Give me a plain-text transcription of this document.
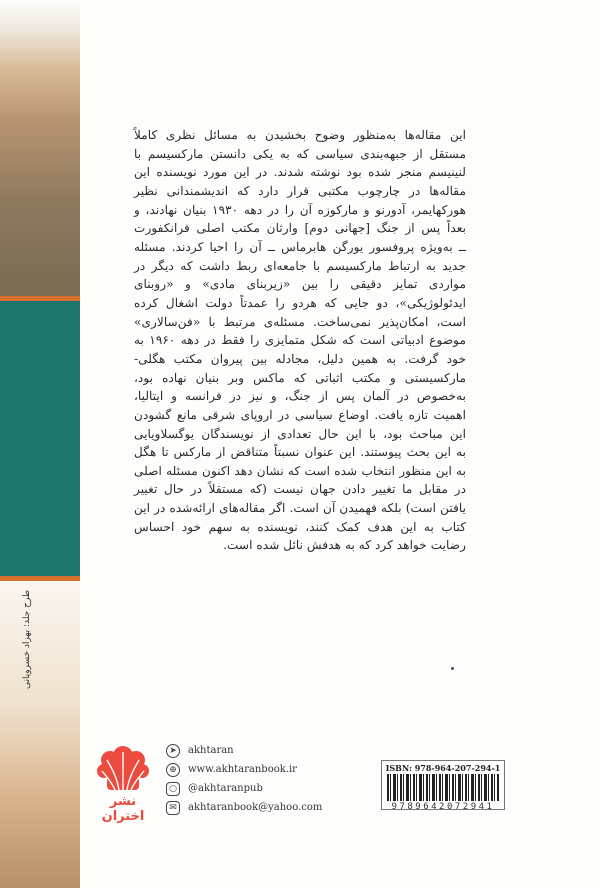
طرح جلد: بهزاد خسرویانی
این مقاله‌ها به‌منظور وضوح بخشیدن به مسائل نظری کاملاً
مستقل از جبهه‌بندی سیاسی که به یکی دانستن مارکسیسم با
لنینیسم منجر شده بود نوشته شدند. در این مورد نویسنده این
مقاله‌ها در چارچوب مکتبی قرار دارد که اندیشمندانی نظیر
هورکهایمر، آدورنو و مارکوزه آن را در دهه ۱۹۳۰ بنیان نهادند، و
بعداً پس از جنگ [جهانی دوم] وارثان مکتب اصلی فرانکفورت
ــ به‌ویژه پروفسور یورگن هابرماس ــ آن را احیا کردند. مسئله
جدید به ارتباط مارکسیسم با جامعه‌ای ربط داشت که دیگر در
مواردی تمایز دقیقی را بین «زیربنای مادی» و «روبنای
ایدئولوژیکی»، دو جایی که هردو را عمدتاً دولت اشغال کرده
است، امکان‌پذیر نمی‌ساخت. مسئله‌ی مرتبط با «فن‌سالاری»
موضوع ادبیاتی است که شکل متمایزی را فقط در دهه ۱۹۶۰ به
خود گرفت. به همین دلیل، مجادله بین پیروان مکتب هگلی-
مارکسیستی و مکتب اثباتی که ماکس وبر بنیان نهاده بود،
به‌خصوص در آلمان پس از جنگ، و نیز در فرانسه و ایتالیا،
اهمیت تازه یافت. اوضاع سیاسی در اروپای شرقی مانع گشودن
این مباحث بود، با این حال تعدادی از نویسندگان یوگسلاویایی
به این بحث پیوستند. این عنوان نسبتاً متناقض از مارکس تا هگل
به این منظور انتخاب شده است که نشان دهد اکنون مسئله اصلی
در مقابل ما تغییر دادن جهان نیست (که مستقلاً در حال تغییر
یافتن است) بلکه فهمیدن آن است. اگر مقاله‌های ارائه‌شده در این
کتاب به این هدف کمک کنند، نویسنده به سهم خود احساس
رضایت خواهد کرد که به هدفش نائل شده است.
نشر اختران
➤	akhtaran
⊕	www.akhtaranbook.ir
○	@akhtaranpub
✉	akhtaranbook@yahoo.com
ISBN: 978-964-207-294-1
9789642072941
